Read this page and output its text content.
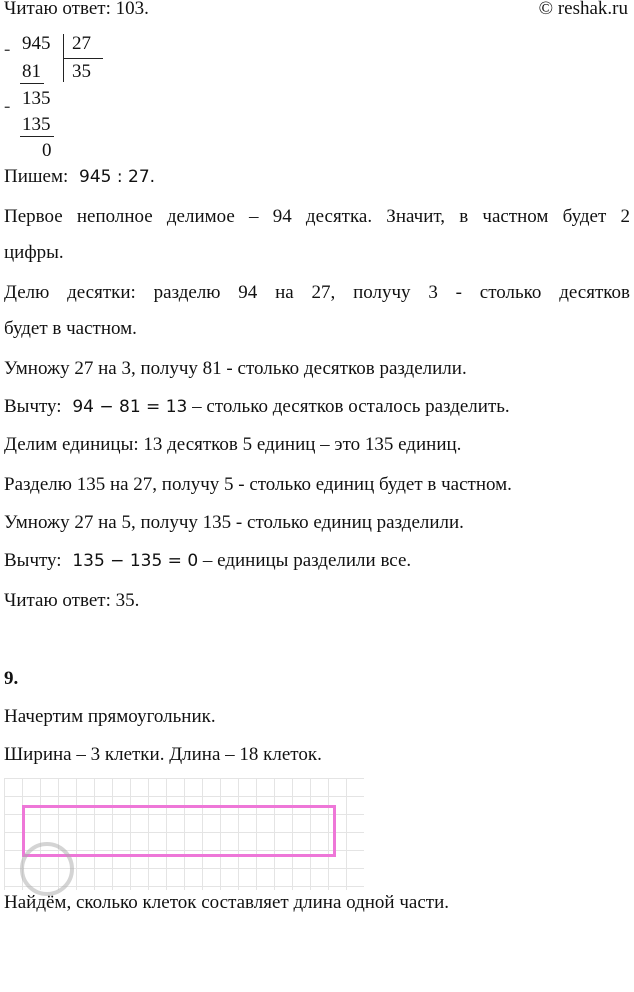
Читаю ответ: 103.	© reshak.ru
- 945 27
81 35
- 135
135
0
Пишем: 945 : 27.
Первое неполное делимое – 94 десятка. Значит, в частном будет 2
цифры.
Делю десятки: разделю 94 на 27, получу 3 - столько десятков
будет в частном.
Умножу 27 на 3, получу 81 - столько десятков разделили.
Вычту: 94 − 81 = 13 – столько десятков осталось разделить.
Делим единицы: 13 десятков 5 единиц – это 135 единиц.
Разделю 135 на 27, получу 5 - столько единиц будет в частном.
Умножу 27 на 5, получу 135 - столько единиц разделили.
Вычту: 135 − 135 = 0 – единицы разделили все.
Читаю ответ: 35.
9.
Начертим прямоугольник.
Ширина – 3 клетки. Длина – 18 клеток.
Найдём, сколько клеток составляет длина одной части.
